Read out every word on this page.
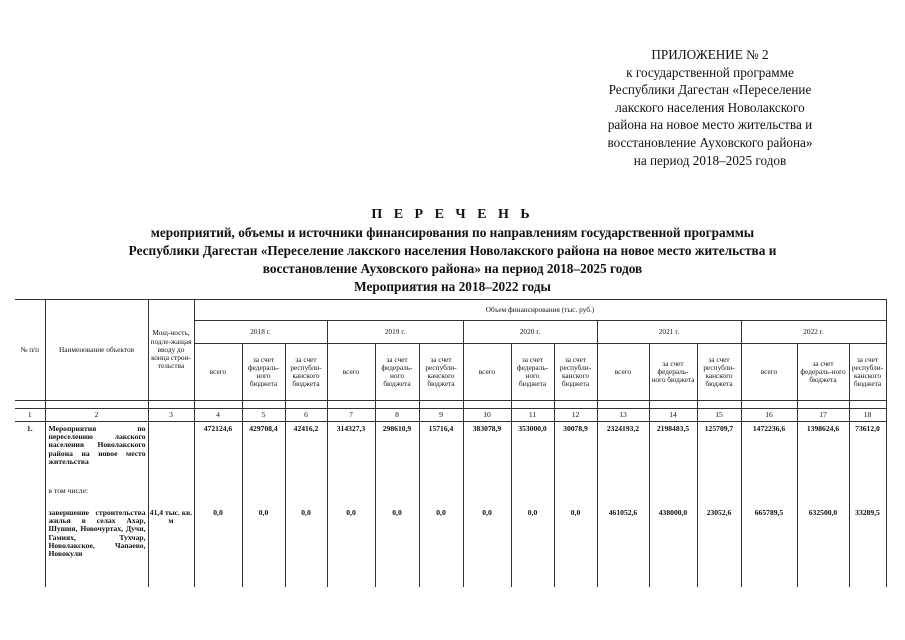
ПРИЛОЖЕНИЕ № 2
к государственной программе
Республики Дагестан «Переселение
лакского населения Новолакского
района на новое место жительства и
восстановление Ауховского района»
на период 2018–2025 годов
П Е Р Е Ч Е Н Ь
мероприятий, объемы и источники финансирования по направлениям государственной программы
Республики Дагестан «Переселение лакского населения Новолакского района на новое место жительства и
восстановление Ауховского района» на период 2018–2025 годов
Мероприятия на 2018–2022 годы
№ п/п	Наименование объектов	Мощ-ность, подле-жащая вводу до конца строи-тельства	Объем финансирования (тыс. руб.)														
			2018 г.			2019 г.			2020 г.			2021 г.			2022 г.		
			всего	за счет федераль-ного бюджета	за счет республи-канского бюджета	всего	за счет федераль-ного бюджета	за счет республи-канского бюджета	всего	за счет федераль-ного бюджета	за счет республи-канского бюджета	всего	за счет федераль-ного бюджета	за счет республи-канского бюджета	всего	за счет федераль-ного бюджета	за счет республи-канского бюджета

1	2	3	4	5	6	7	8	9	10	11	12	13	14	15	16	17	18
1.	Мероприятия по переселению лакского населения Новолакского района на новое место жительства		472124,6	429708,4	42416,2	314327,3	298610,9	15716,4	383078,9	353000,0	30078,9	2324193,2	2198483,5	125709,7	1472236,6	1398624,6	73612,0
	в том числе:																
	завершение строительства жилья в селах Ахар, Шушия, Новочуртах, Дучи, Гамиях, Тухчар, Новолакское, Чапаево, Новокули	41,4 тыс. кв. м	0,0	0,0	0,0	0,0	0,0	0,0	0,0	0,0	0,0	461052,6	438000,0	23052,6	665789,5	632500,0	33289,5
